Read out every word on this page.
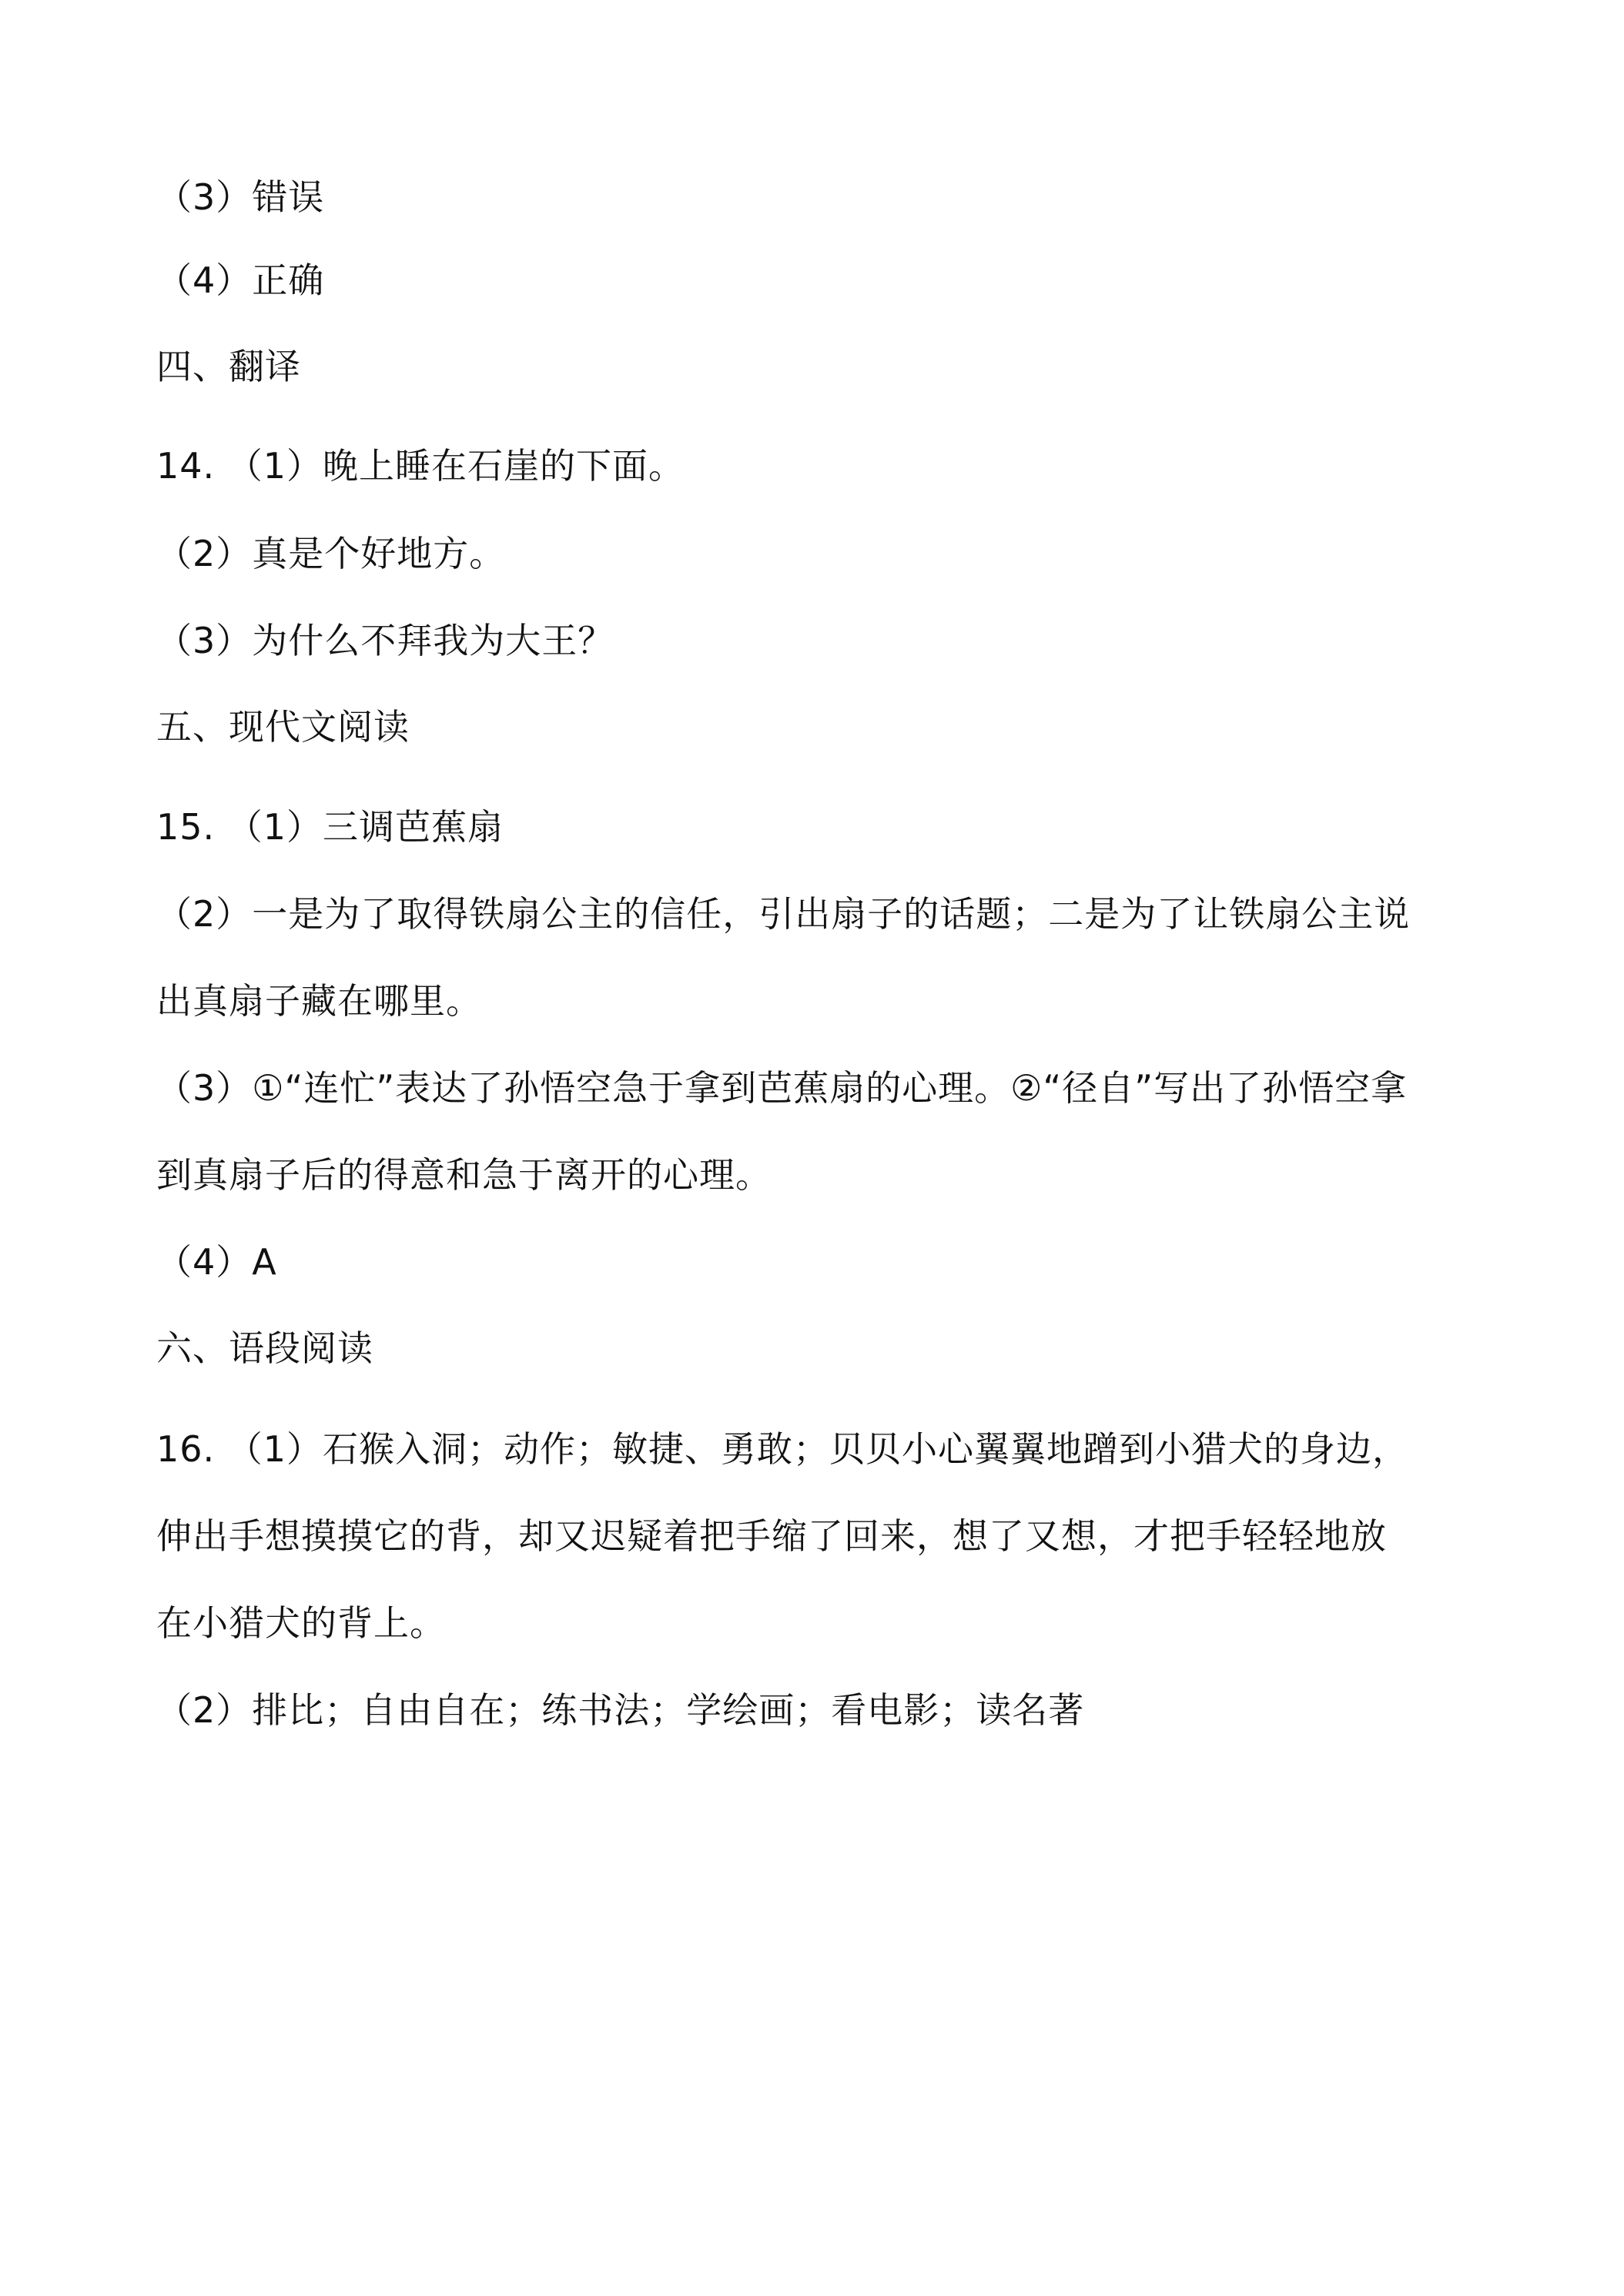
（3）错误
（4）正确
四、翻译
14. （1）晚上睡在石崖的下面。
（2）真是个好地方。
（3）为什么不拜我为大王？
五、现代文阅读
15. （1）三调芭蕉扇
（2）一是为了取得铁扇公主的信任，引出扇子的话题；二是为了让铁扇公主说
出真扇子藏在哪里。
（3）①“连忙”表达了孙悟空急于拿到芭蕉扇的心理。②“径自”写出了孙悟空拿
到真扇子后的得意和急于离开的心理。
（4）A
六、语段阅读
16. （1）石猴入洞；动作；敏捷、勇敢；贝贝小心翼翼地蹭到小猎犬的身边，
伸出手想摸摸它的背，却又迟疑着把手缩了回来，想了又想，才把手轻轻地放
在小猎犬的背上。
（2）排比；自由自在；练书法；学绘画；看电影；读名著
